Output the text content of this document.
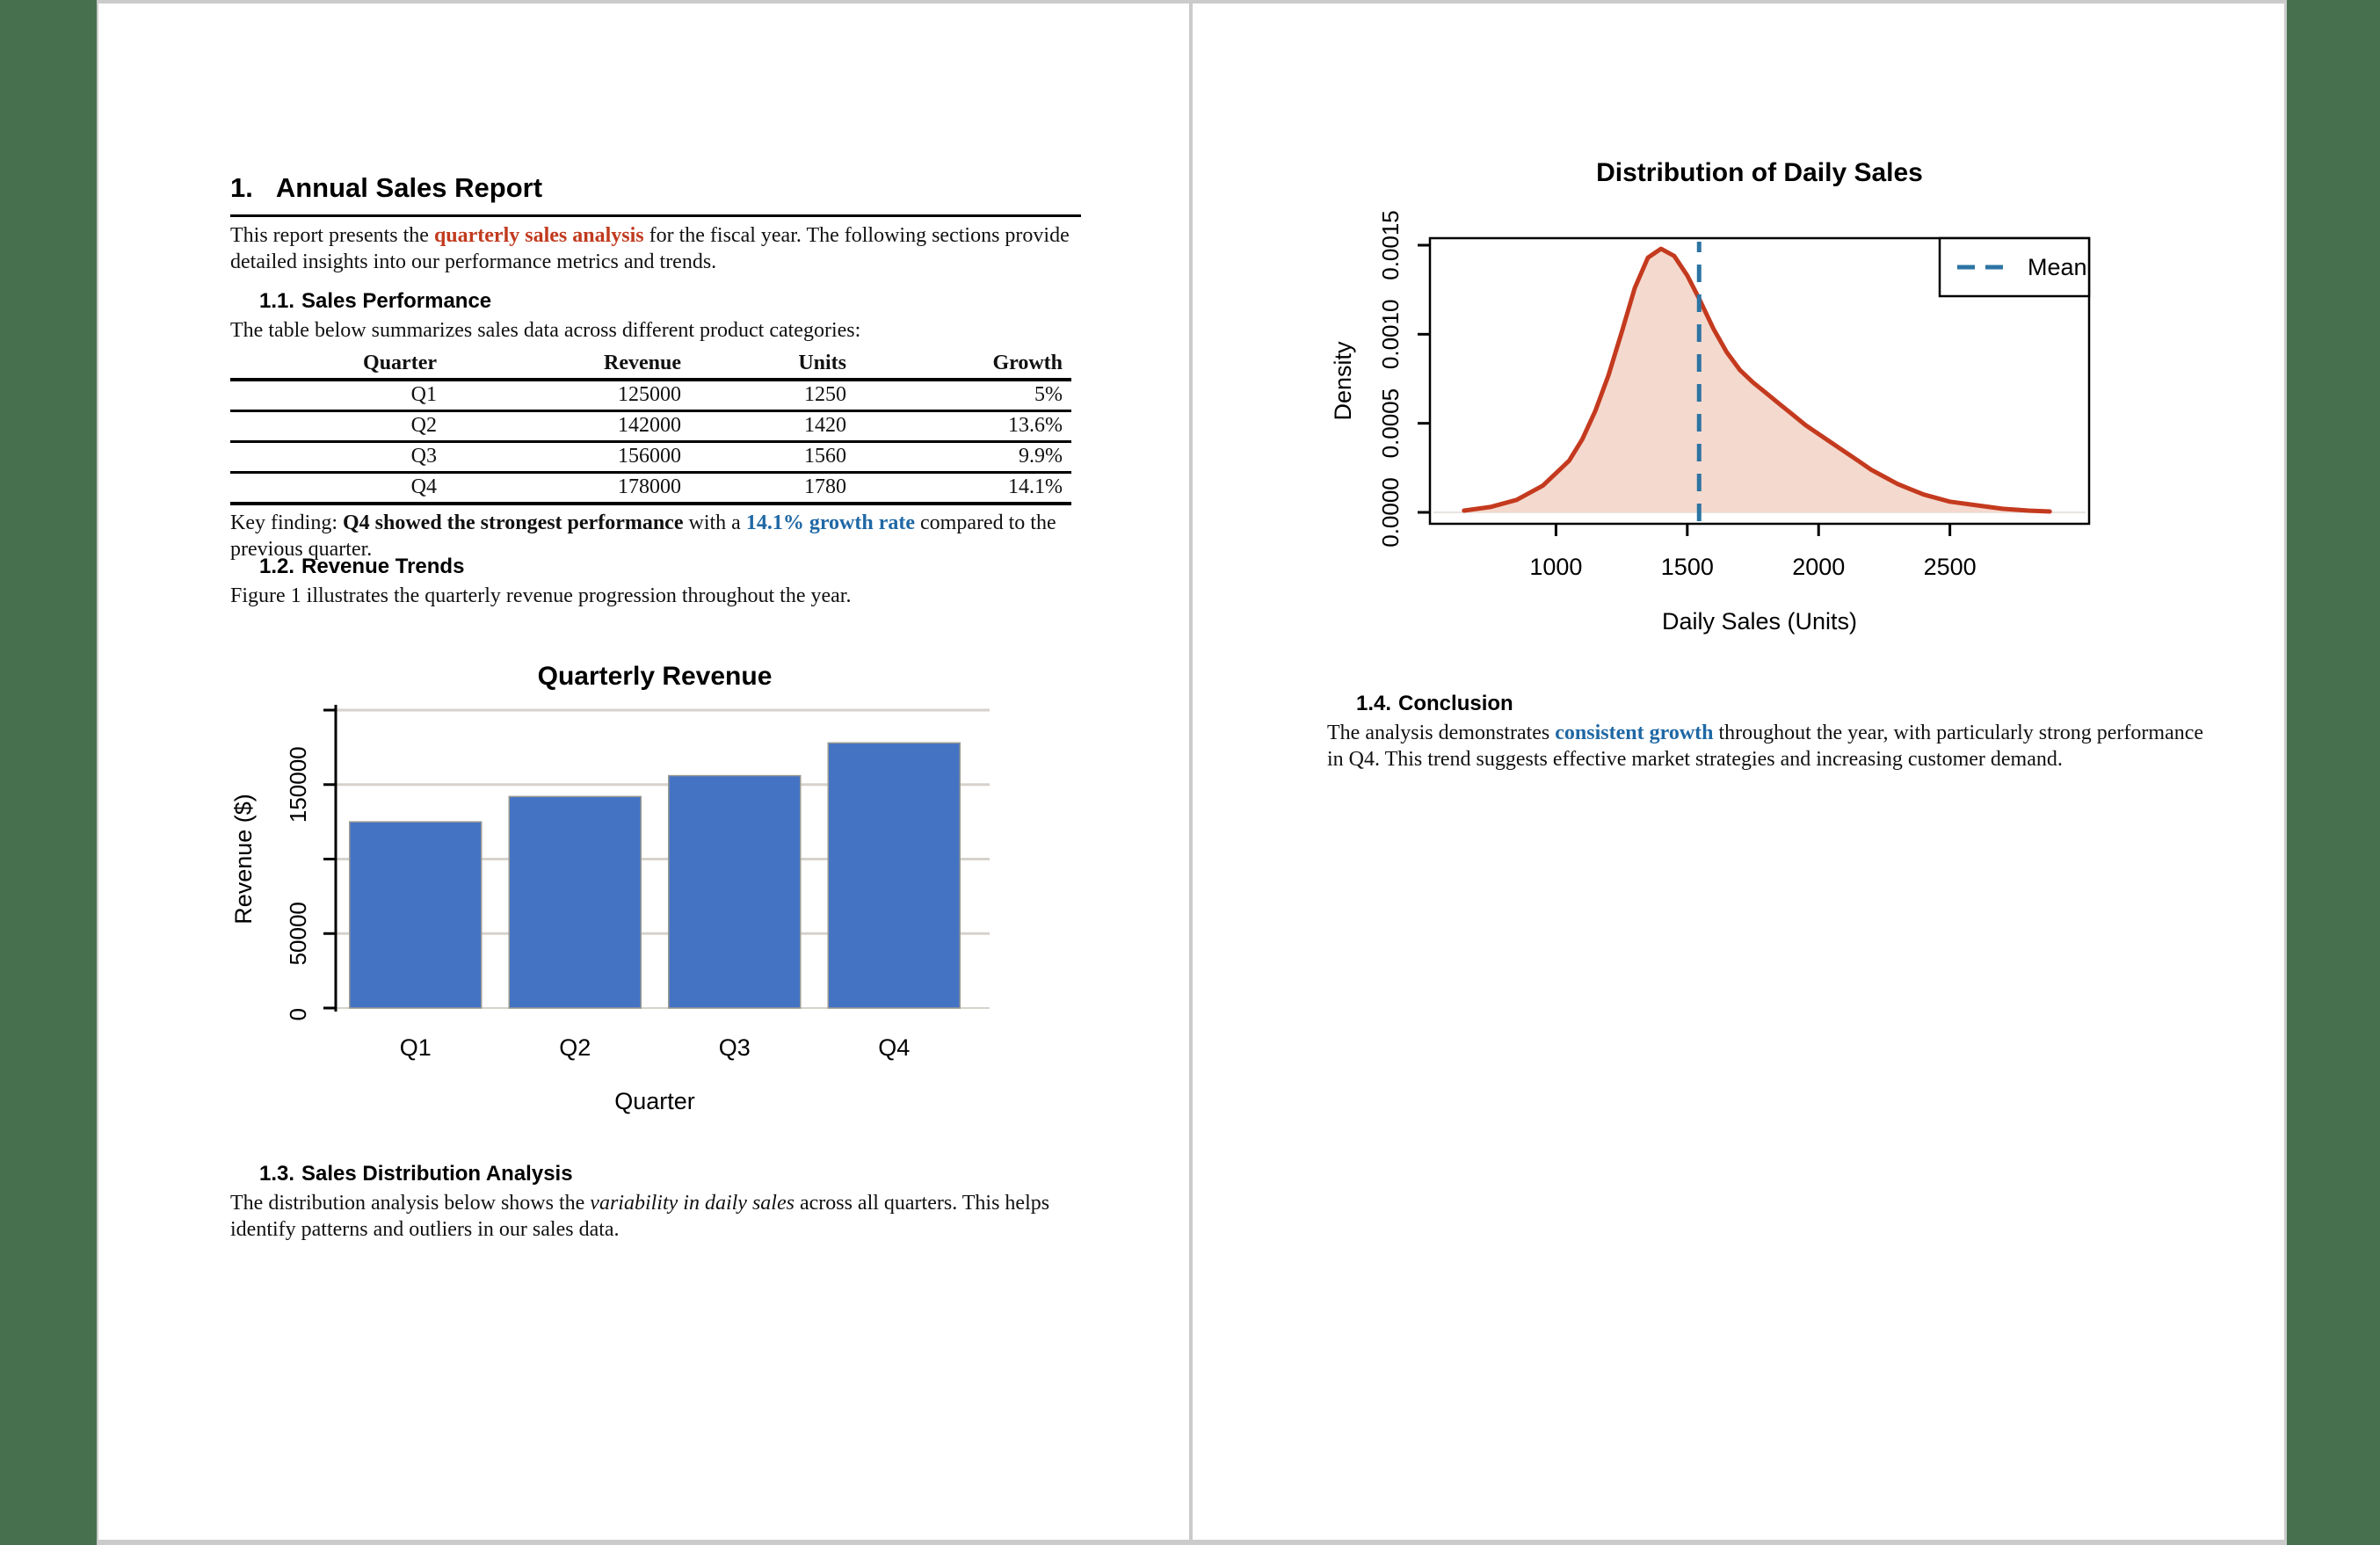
1. Annual Sales Report
This report presents the quarterly sales analysis for the fiscal year. The following sections provide detailed insights into our performance metrics and trends.
1.1. Sales Performance
The table below summarizes sales data across different product categories:
Quarter	Revenue	Units	Growth
Q1	125000	1250	5%
Q2	142000	1420	13.6%
Q3	156000	1560	9.9%
Q4	178000	1780	14.1%
Key finding: Q4 showed the strongest performance with a 14.1% growth rate compared to the previous quarter.
1.2. Revenue Trends
Figure 1 illustrates the quarterly revenue progression throughout the year.
0
50000
150000
Revenue ($)
Q1	Q2	Q3	Q4
Quarterly Revenue
Quarter
1.3. Sales Distribution Analysis
The distribution analysis below shows the variability in daily sales across all quarters. This helps identify patterns and outliers in our sales data.
Distribution of Daily Sales
0.0000
0.0005
0.0010
0.0015
Density
1000	1500	2000	2500
Daily Sales (Units)
Mean
1.4. Conclusion
The analysis demonstrates consistent growth throughout the year, with particularly strong performance in Q4. This trend suggests effective market strategies and increasing customer demand.
